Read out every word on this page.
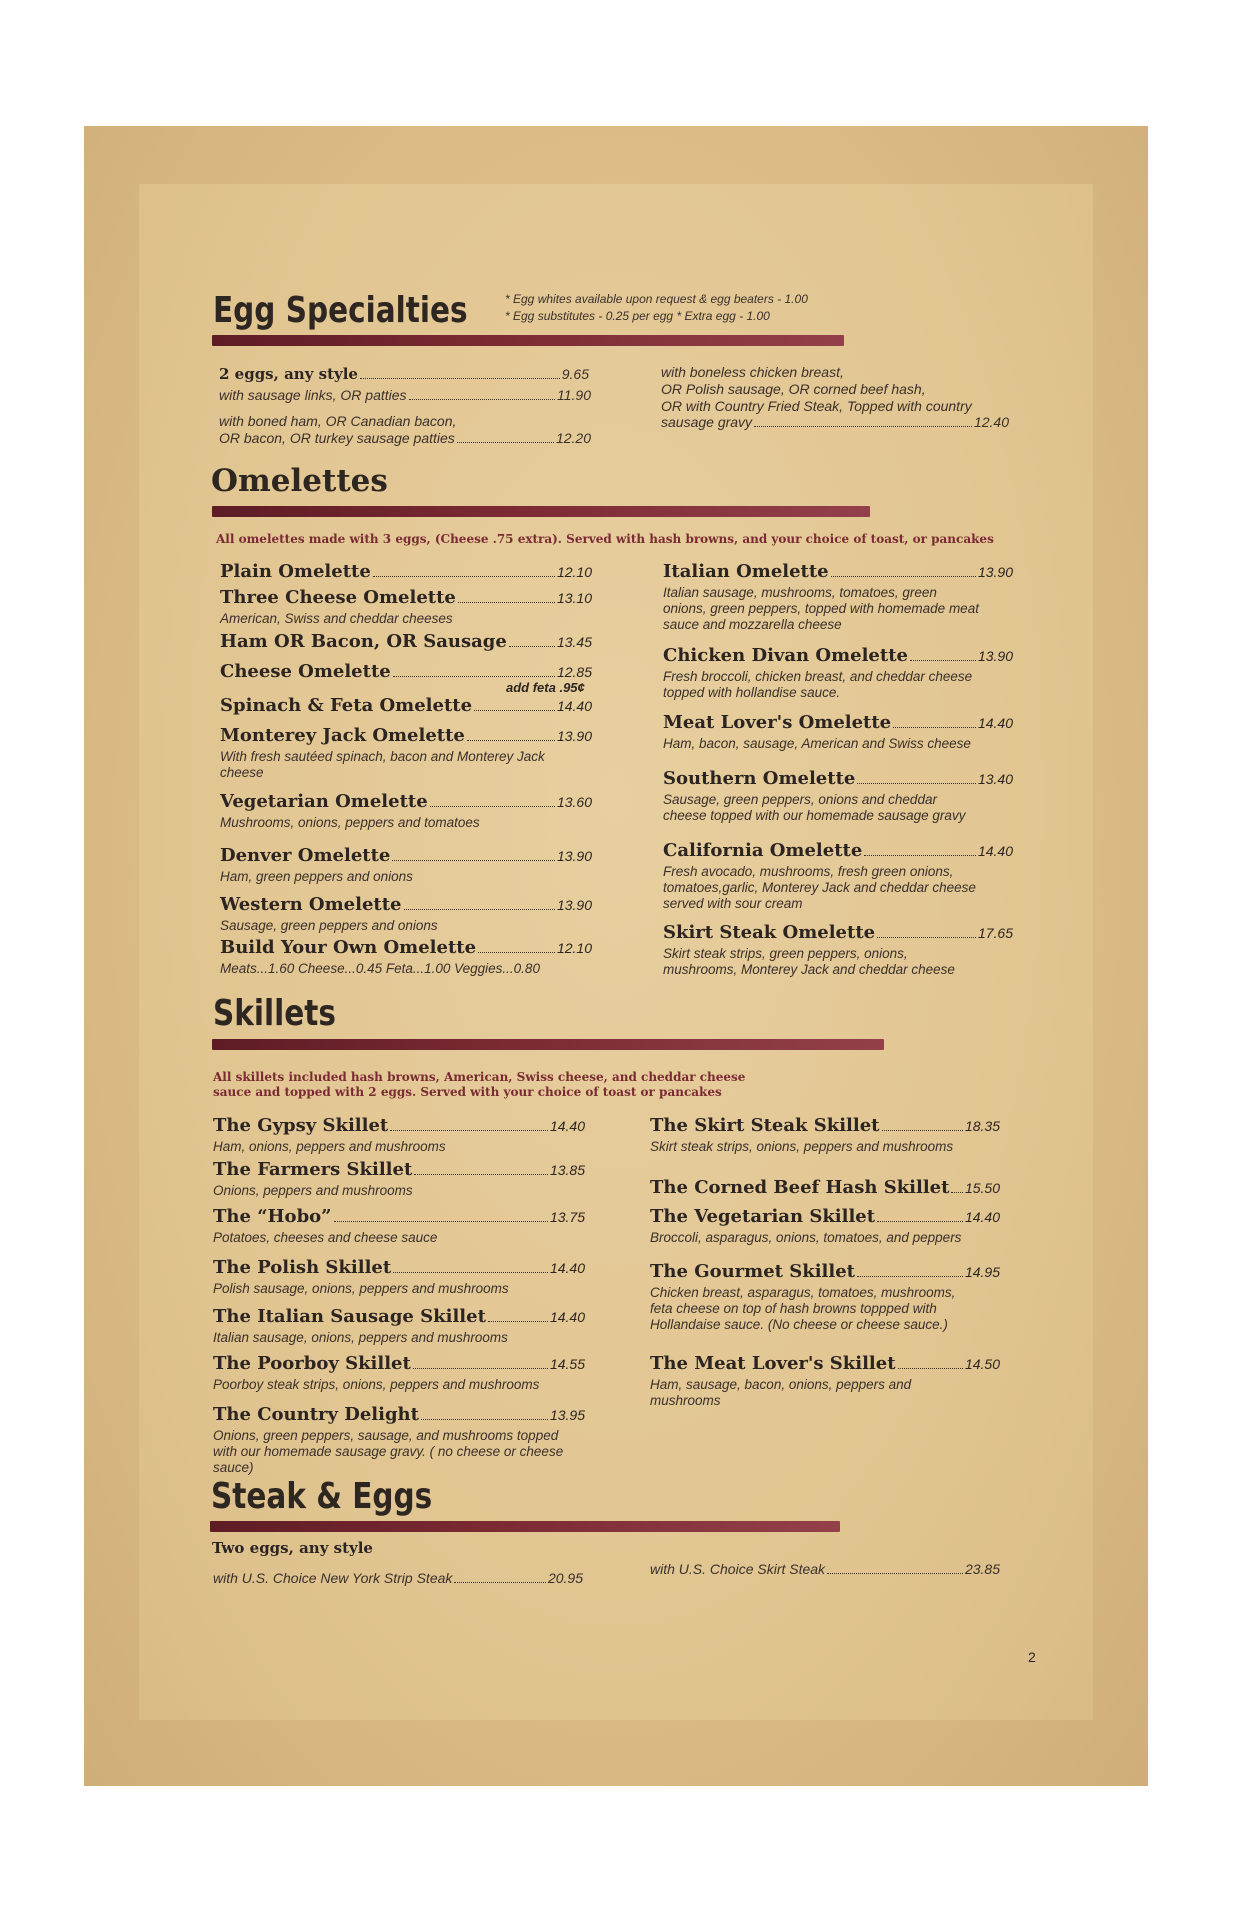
Egg Specialties	* Egg whites available upon request & egg beaters - 1.00
* Egg substitutes - 0.25 per egg * Extra egg - 1.00
2 eggs, any style	9.65
with sausage links, OR patties	11.90
with boned ham, OR Canadian bacon,
OR bacon, OR turkey sausage patties	12.20
with boneless chicken breast,
OR Polish sausage, OR corned beef hash,
OR with Country Fried Steak, Topped with country
sausage gravy	12.40
Omelettes
All omelettes made with 3 eggs, (Cheese .75 extra). Served with hash browns, and your choice of toast, or pancakes
Plain Omelette	12.10
Three Cheese Omelette	13.10
American, Swiss and cheddar cheeses
Ham OR Bacon, OR Sausage	13.45
Cheese Omelette	12.85
Spinach & Feta Omelette	14.40
Monterey Jack Omelette	13.90
With fresh sautéed spinach, bacon and Monterey Jack cheese
Vegetarian Omelette	13.60
Mushrooms, onions, peppers and tomatoes
Denver Omelette	13.90
Ham, green peppers and onions
Western Omelette	13.90
Sausage, green peppers and onions
Build Your Own Omelette	12.10
Meats...1.60 Cheese...0.45 Feta...1.00 Veggies...0.80
add feta .95¢
Italian Omelette	13.90
Italian sausage, mushrooms, tomatoes, green onions, green peppers, topped with homemade meat sauce and mozzarella cheese
Chicken Divan Omelette	13.90
Fresh broccoli, chicken breast, and cheddar cheese topped with hollandise sauce.
Meat Lover's Omelette	14.40
Ham, bacon, sausage, American and Swiss cheese
Southern Omelette	13.40
Sausage, green peppers, onions and cheddar cheese topped with our homemade sausage gravy
California Omelette	14.40
Fresh avocado, mushrooms, fresh green onions, tomatoes,garlic, Monterey Jack and cheddar cheese served with sour cream
Skirt Steak Omelette	17.65
Skirt steak strips, green peppers, onions, mushrooms, Monterey Jack and cheddar cheese
Skillets
All skillets included hash browns, American, Swiss cheese, and cheddar cheese sauce and topped with 2 eggs. Served with your choice of toast or pancakes
The Gypsy Skillet	14.40
Ham, onions, peppers and mushrooms
The Farmers Skillet	13.85
Onions, peppers and mushrooms
The “Hobo”	13.75
Potatoes, cheeses and cheese sauce
The Polish Skillet	14.40
Polish sausage, onions, peppers and mushrooms
The Italian Sausage Skillet	14.40
Italian sausage, onions, peppers and mushrooms
The Poorboy Skillet	14.55
Poorboy steak strips, onions, peppers and mushrooms
The Country Delight	13.95
Onions, green peppers, sausage, and mushrooms topped with our homemade sausage gravy. ( no cheese or cheese sauce)
The Skirt Steak Skillet	18.35
Skirt steak strips, onions, peppers and mushrooms
The Corned Beef Hash Skillet 15.50
The Vegetarian Skillet	14.40
Broccoli, asparagus, onions, tomatoes, and peppers
The Gourmet Skillet	14.95
Chicken breast, asparagus, tomatoes, mushrooms, feta cheese on top of hash browns toppped with Hollandaise sauce. (No cheese or cheese sauce.)
The Meat Lover's Skillet	14.50
Ham, sausage, bacon, onions, peppers and mushrooms
Steak & Eggs
Two eggs, any style
with U.S. Choice New York Strip Steak	20.95
with U.S. Choice Skirt Steak	23.85
2
